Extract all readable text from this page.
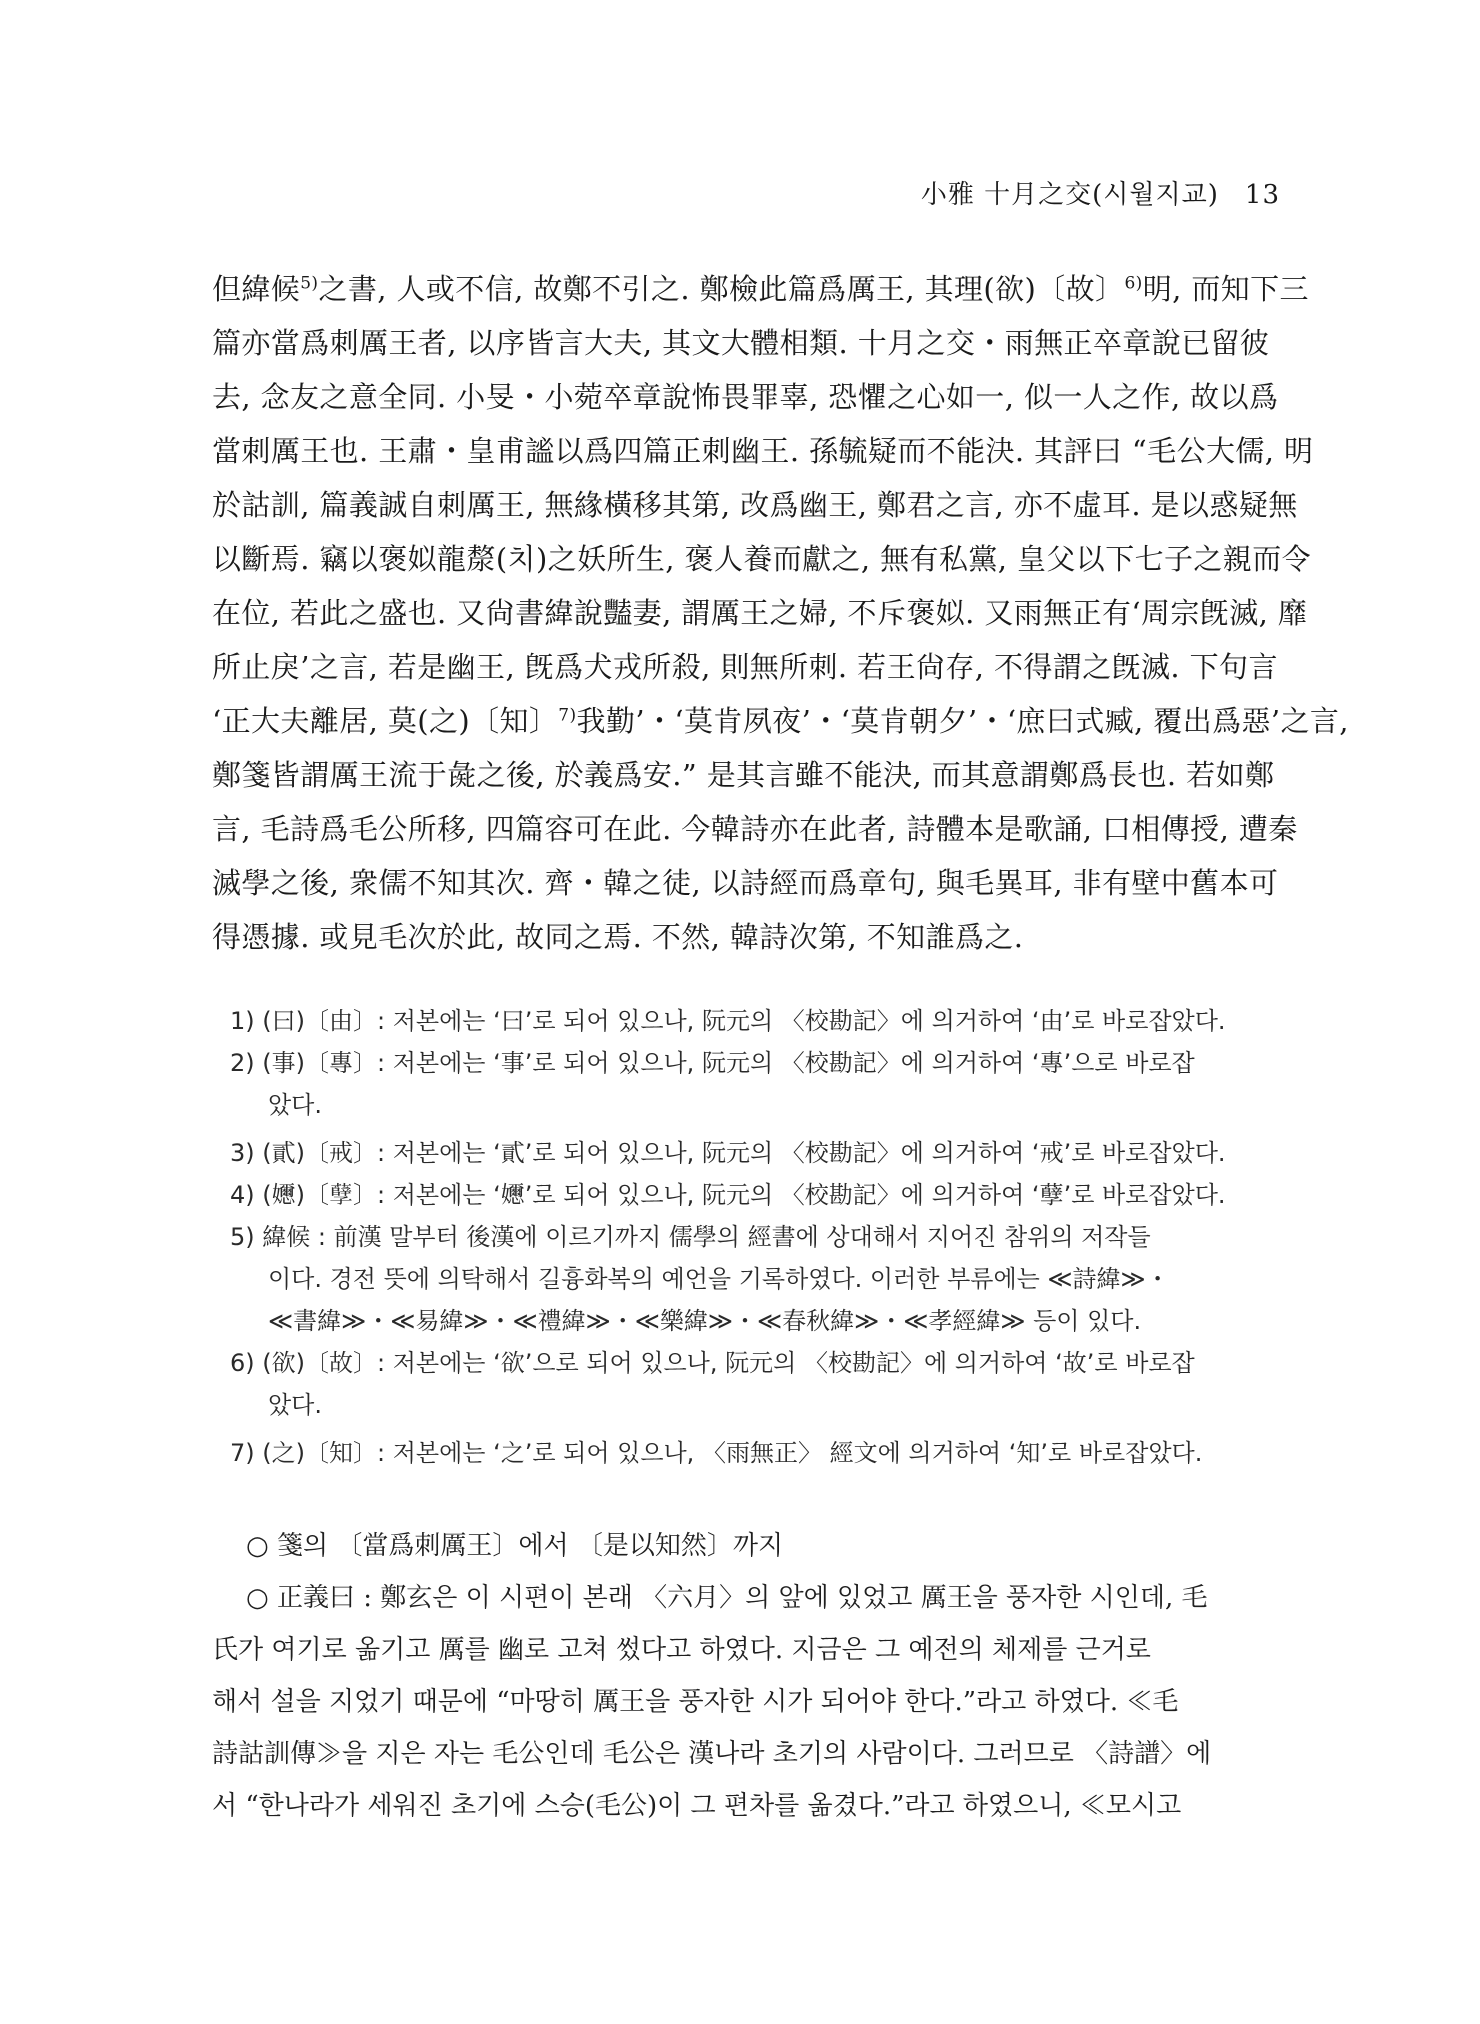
小雅 十月之交(시월지교) 13
但緯候$^{5)}$之書, 人或不信, 故鄭不引之. 鄭檢此篇爲厲王, 其理(欲)〔故〕$^{6)}$明, 而知下三
篇亦當爲刺厲王者, 以序皆言大夫, 其文大體相類. 十月之交・雨無正卒章說已留彼
去, 念友之意全同. 小旻・小菀卒章說怖畏罪辜, 恐懼之心如一, 似一人之作, 故以爲
當刺厲王也. 王肅・皇甫謐以爲四篇正刺幽王. 孫毓疑而不能決. 其評曰 “毛公大儒, 明
於詁訓, 篇義誠自刺厲王, 無緣橫移其第, 改爲幽王, 鄭君之言, 亦不虛耳. 是以惑疑無
以斷焉. 竊以褒姒龍漦(치)之妖所生, 褒人養而獻之, 無有私黨, 皇父以下七子之親而令
在位, 若此之盛也. 又尙書緯說豔妻, 謂厲王之婦, 不斥褒姒. 又雨無正有‘周宗旣滅, 靡
所止戾’之言, 若是幽王, 旣爲犬戎所殺, 則無所刺. 若王尙存, 不得謂之旣滅. 下句言
‘正大夫離居, 莫(之)〔知〕$^{7)}$我勤’・‘莫肯夙夜’・‘莫肯朝夕’・‘庶曰式臧, 覆出爲惡’之言,
鄭箋皆謂厲王流于彘之後, 於義爲安.” 是其言雖不能決, 而其意謂鄭爲長也. 若如鄭
言, 毛詩爲毛公所移, 四篇容可在此. 今韓詩亦在此者, 詩體本是歌誦, 口相傳授, 遭秦
滅學之後, 衆儒不知其次. 齊・韓之徒, 以詩經而爲章句, 與毛異耳, 非有壁中舊本可
得憑據. 或見毛次於此, 故同之焉. 不然, 韓詩次第, 不知誰爲之.
1) (曰)〔由〕: 저본에는 ‘曰’로 되어 있으나, 阮元의 〈校勘記〉에 의거하여 ‘由’로 바로잡았다.
2) (事)〔專〕: 저본에는 ‘事’로 되어 있으나, 阮元의 〈校勘記〉에 의거하여 ‘專’으로 바로잡
았다.
3) (貳)〔戒〕: 저본에는 ‘貳’로 되어 있으나, 阮元의 〈校勘記〉에 의거하여 ‘戒’로 바로잡았다.
4) (𡤘)〔孽〕: 저본에는 ‘𡤘’로 되어 있으나, 阮元의 〈校勘記〉에 의거하여 ‘孽’로 바로잡았다.
5) 緯候 : 前漢 말부터 後漢에 이르기까지 儒學의 經書에 상대해서 지어진 참위의 저작들
이다. 경전 뜻에 의탁해서 길흉화복의 예언을 기록하였다. 이러한 부류에는 ≪詩緯≫・
≪書緯≫・≪易緯≫・≪禮緯≫・≪樂緯≫・≪春秋緯≫・≪孝經緯≫ 등이 있다.
6) (欲)〔故〕: 저본에는 ‘欲’으로 되어 있으나, 阮元의 〈校勘記〉에 의거하여 ‘故’로 바로잡
았다.
7) (之)〔知〕: 저본에는 ‘之’로 되어 있으나, 〈雨無正〉 經文에 의거하여 ‘知’로 바로잡았다.
○ 箋의 〔當爲刺厲王〕에서 〔是以知然〕까지
○ 正義曰 : 鄭玄은 이 시편이 본래 〈六月〉의 앞에 있었고 厲王을 풍자한 시인데, 毛
氏가 여기로 옮기고 厲를 幽로 고쳐 썼다고 하였다. 지금은 그 예전의 체제를 근거로
해서 설을 지었기 때문에 “마땅히 厲王을 풍자한 시가 되어야 한다.”라고 하였다. ≪毛
詩詁訓傳≫을 지은 자는 毛公인데 毛公은 漢나라 초기의 사람이다. 그러므로 〈詩譜〉에
서 “한나라가 세워진 초기에 스승(毛公)이 그 편차를 옮겼다.”라고 하였으니, ≪모시고
